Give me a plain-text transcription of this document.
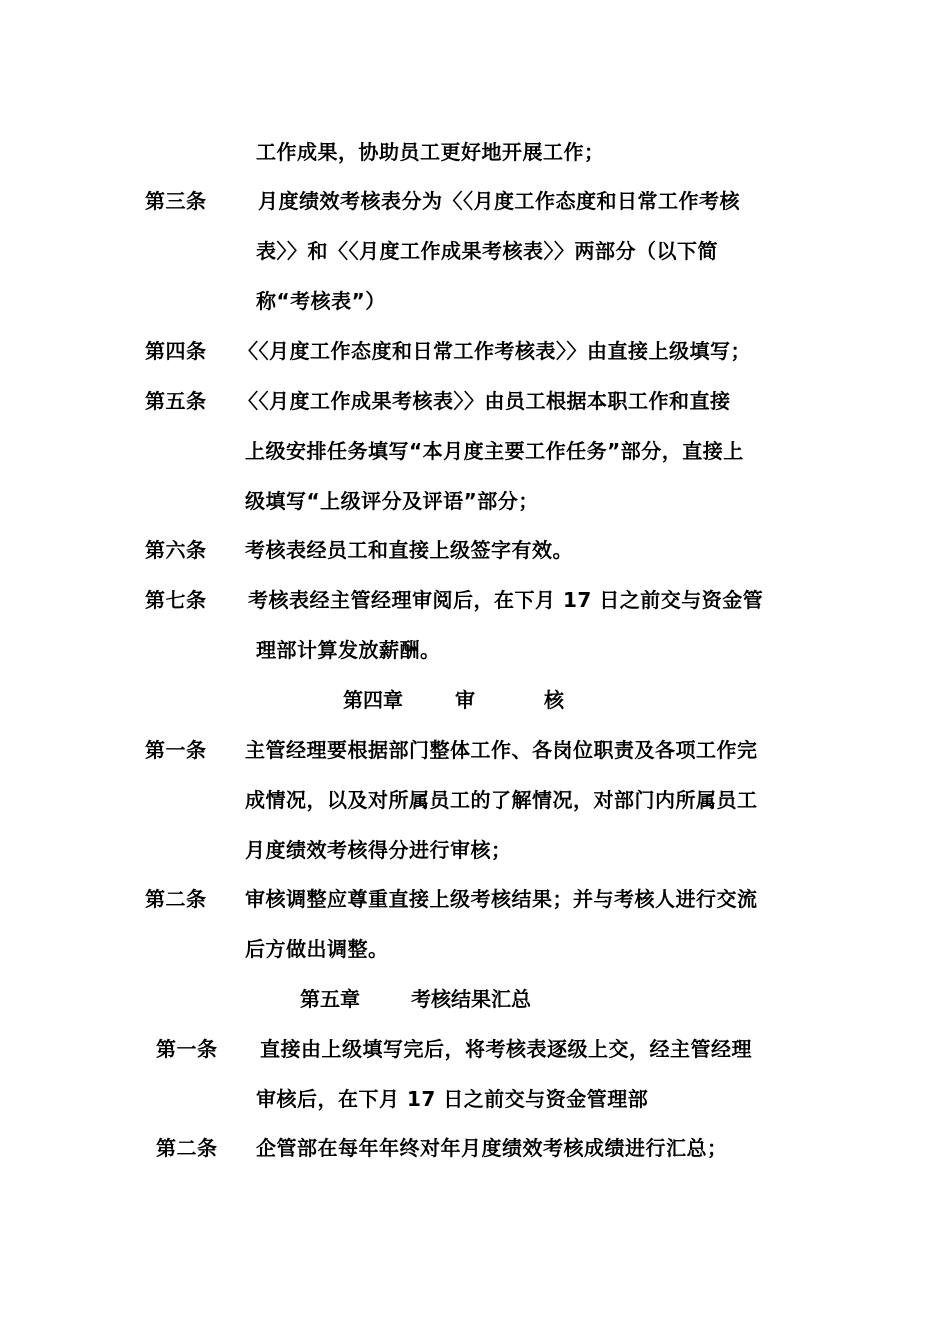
工作成果，协助员工更好地开展工作；
第三条	月度绩效考核表分为〈〈月度工作态度和日常工作考核
表〉〉和〈〈月度工作成果考核表〉〉两部分（以下简
称“考核表”）
第四条 〈〈月度工作态度和日常工作考核表〉〉由直接上级填写；
第五条 〈〈月度工作成果考核表〉〉由员工根据本职工作和直接
上级安排任务填写“本月度主要工作任务”部分，直接上
级填写“上级评分及评语”部分；
第六条 考核表经员工和直接上级签字有效。
第七条 考核表经主管经理审阅后，在下月 17 日之前交与资金管
理部计算发放薪酬。
第四章	审	核
第一条 主管经理要根据部门整体工作、各岗位职责及各项工作完
成情况，以及对所属员工的了解情况，对部门内所属员工
月度绩效考核得分进行审核；
第二条 审核调整应尊重直接上级考核结果；并与考核人进行交流
后方做出调整。
第五章	考核结果汇总
第一条 直接由上级填写完后，将考核表逐级上交，经主管经理
审核后，在下月 17 日之前交与资金管理部
第二条 企管部在每年年终对年月度绩效考核成绩进行汇总；
